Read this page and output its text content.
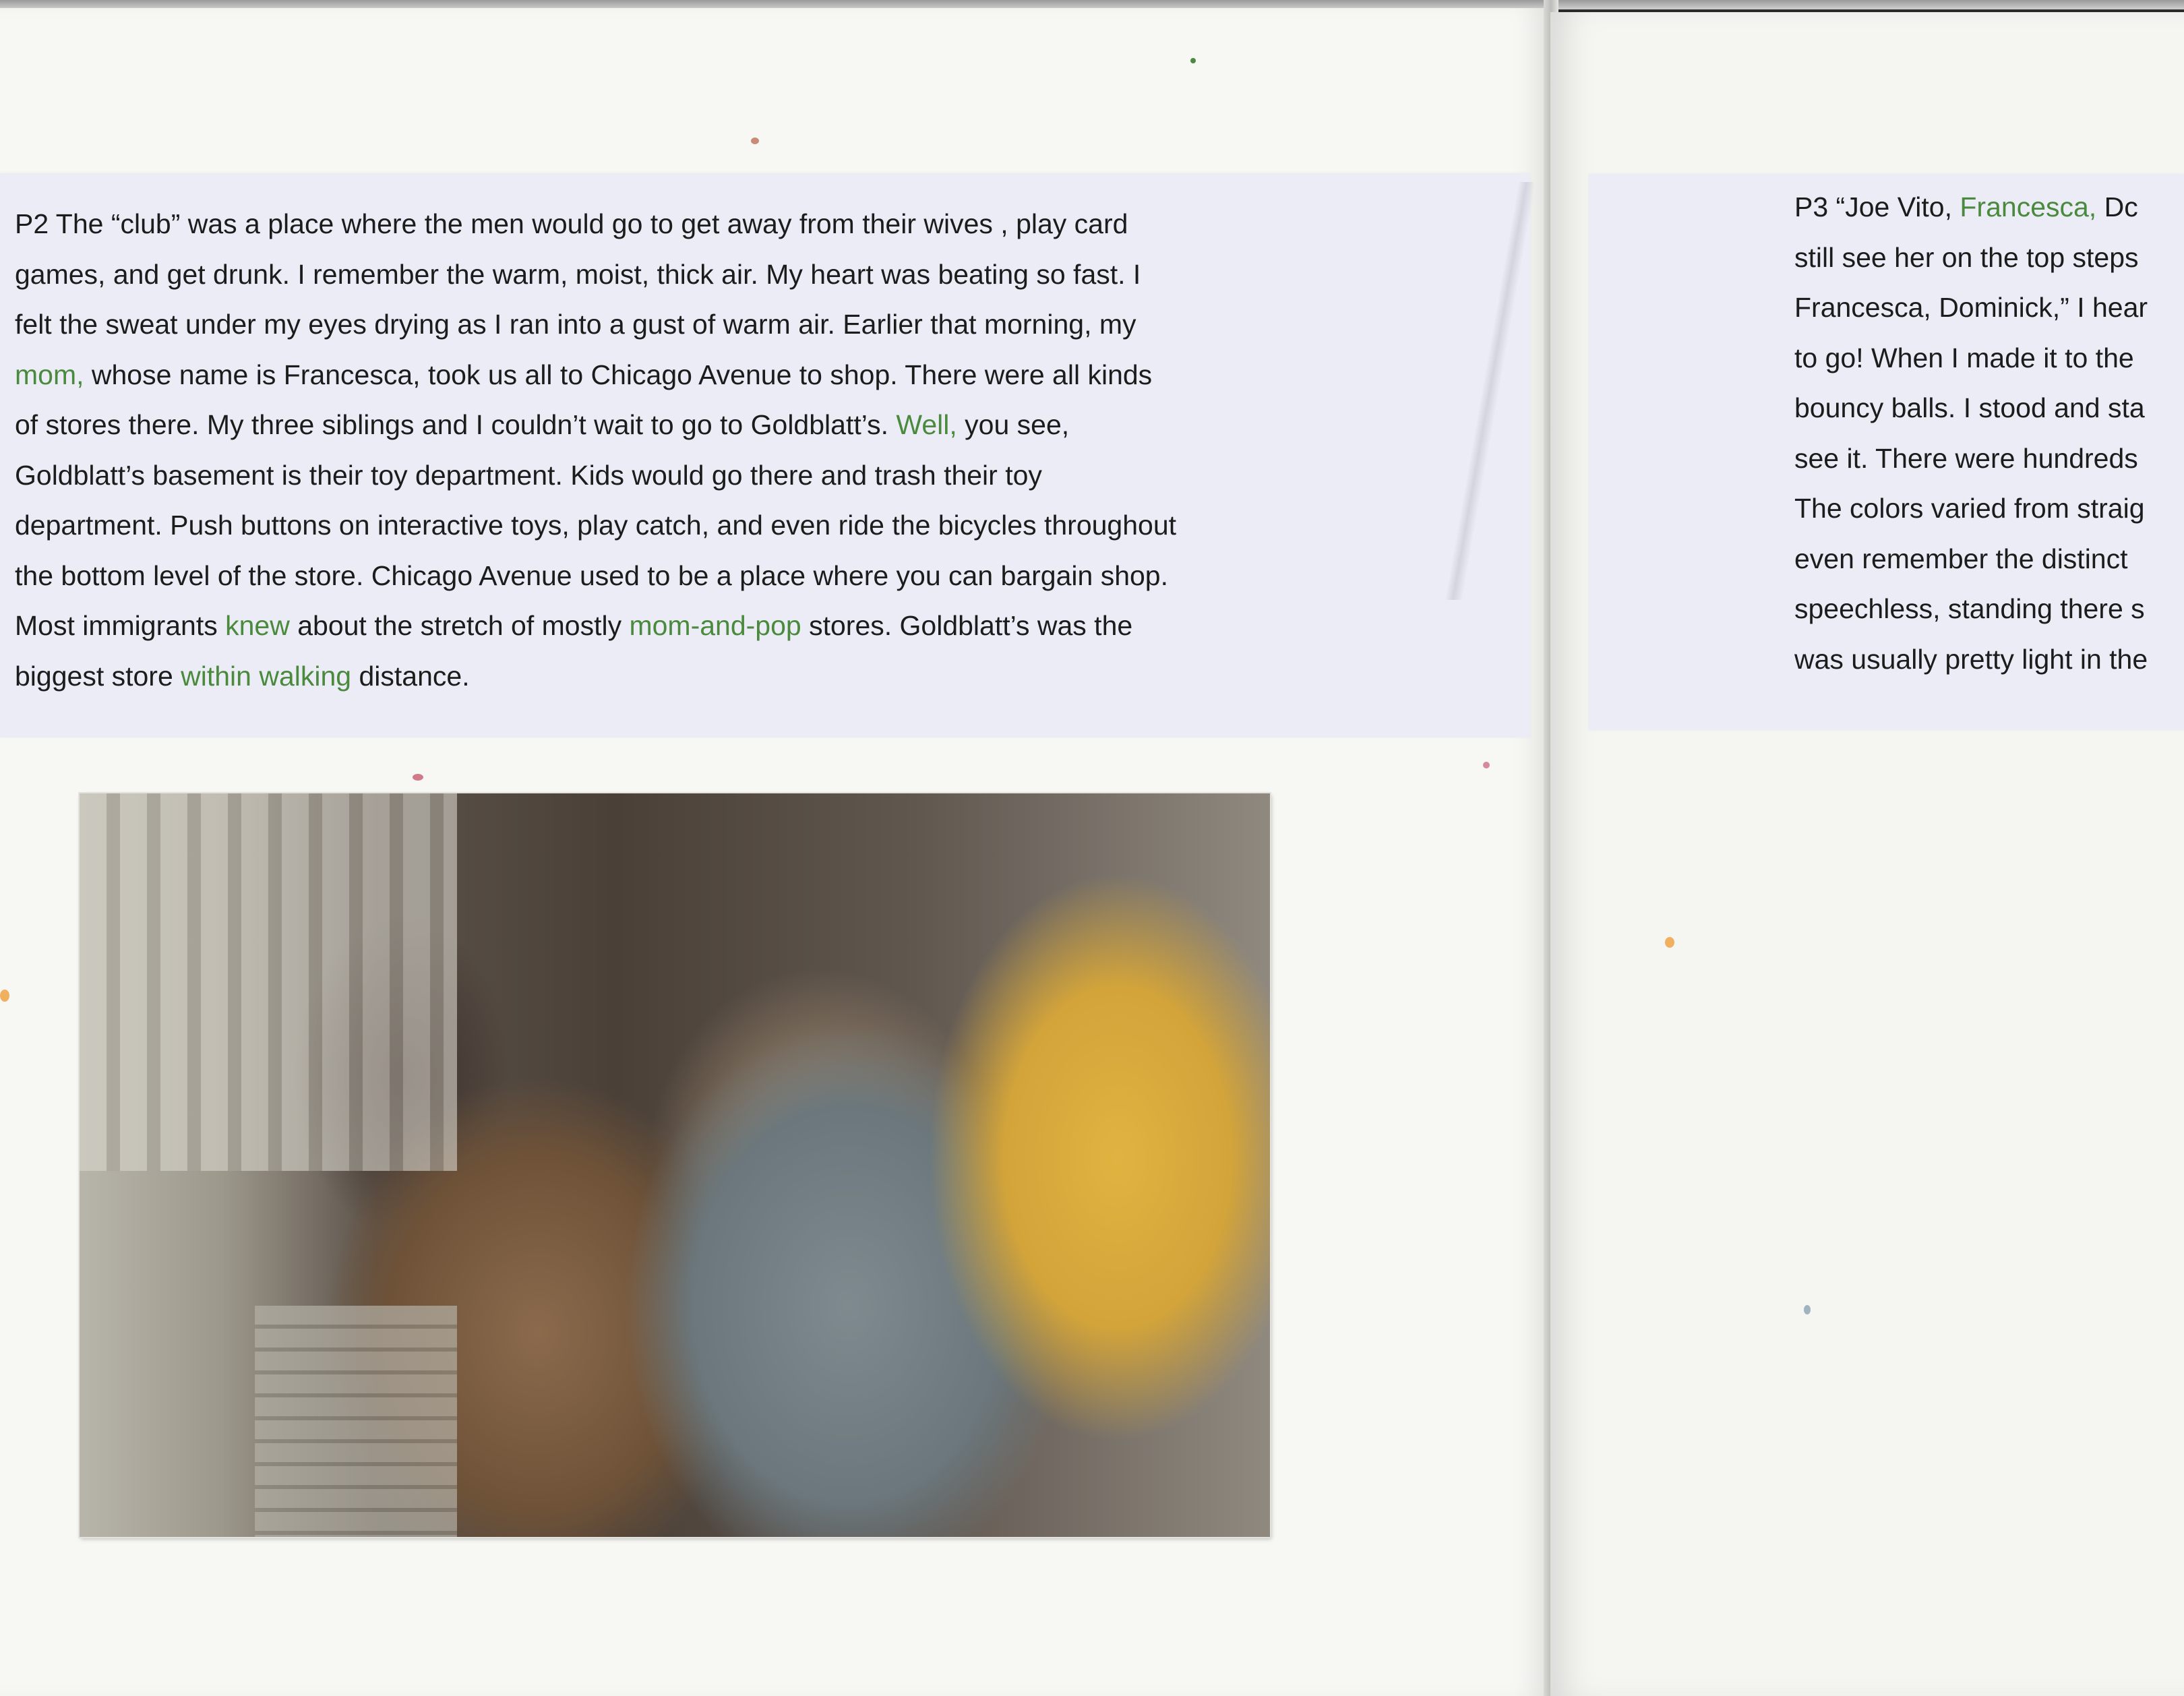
P2 The “club” was a place where the men would go to get away from their wives , play card
games, and get drunk. I remember the warm, moist, thick air. My heart was beating so fast. I
felt the sweat under my eyes drying as I ran into a gust of warm air. Earlier that morning, my
mom, whose name is Francesca, took us all to Chicago Avenue to shop. There were all kinds
of stores there. My three siblings and I couldn’t wait to go to Goldblatt’s. Well, you see,
Goldblatt’s basement is their toy department. Kids would go there and trash their toy
department. Push buttons on interactive toys, play catch, and even ride the bicycles throughout
the bottom level of the store. Chicago Avenue used to be a place where you can bargain shop.
Most immigrants knew about the stretch of mostly mom-and-pop stores. Goldblatt’s was the
biggest store within walking distance.
P3 “Joe Vito, Francesca, Dc
still see her on the top steps
Francesca, Dominick,” I hear
to go! When I made it to the
bouncy balls. I stood and sta
see it. There were hundreds
The colors varied from straig
even remember the distinct
speechless, standing there s
was usually pretty light in the
